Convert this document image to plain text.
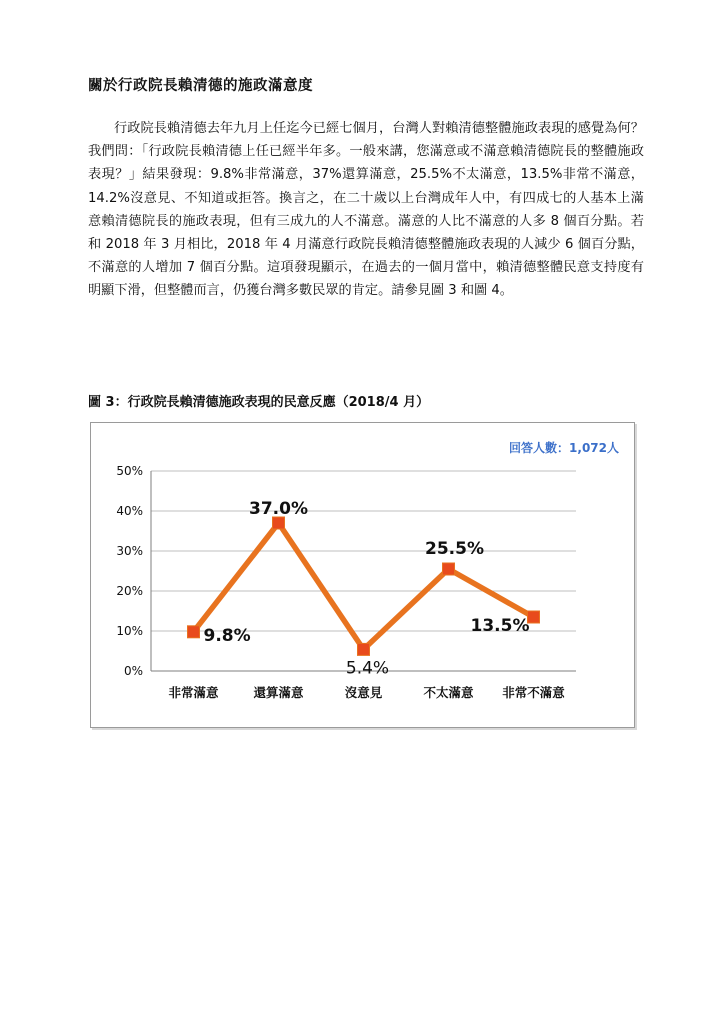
關於行政院長賴清德的施政滿意度

行政院長賴清德去年九月上任迄今已經七個月，台灣人對賴清德整體施政表現的感覺為何？我們問：「行政院長賴清德上任已經半年多。一般來講，您滿意或不滿意賴清德院長的整體施政表現？」結果發現：9.8%非常滿意，37%還算滿意，25.5%不太滿意，13.5%非常不滿意，14.2%沒意見、不知道或拒答。換言之，在二十歲以上台灣成年人中，有四成七的人基本上滿意賴清德院長的施政表現，但有三成九的人不滿意。滿意的人比不滿意的人多 8 個百分點。若和 2018 年 3 月相比，2018 年 4 月滿意行政院長賴清德整體施政表現的人減少 6 個百分點，不滿意的人增加 7 個百分點。這項發現顯示，在過去的一個月當中，賴清德整體民意支持度有明顯下滑，但整體而言，仍獲台灣多數民眾的肯定。請參見圖 3 和圖 4。

圖 3：行政院長賴清德施政表現的民意反應（2018/4 月）

回答人數：1,072人
0%
10%
20%
30%
40%
50%
非常滿意	還算滿意	沒意見	不太滿意 非常不滿意
9.8%
37.0%
5.4%
25.5%
13.5%
